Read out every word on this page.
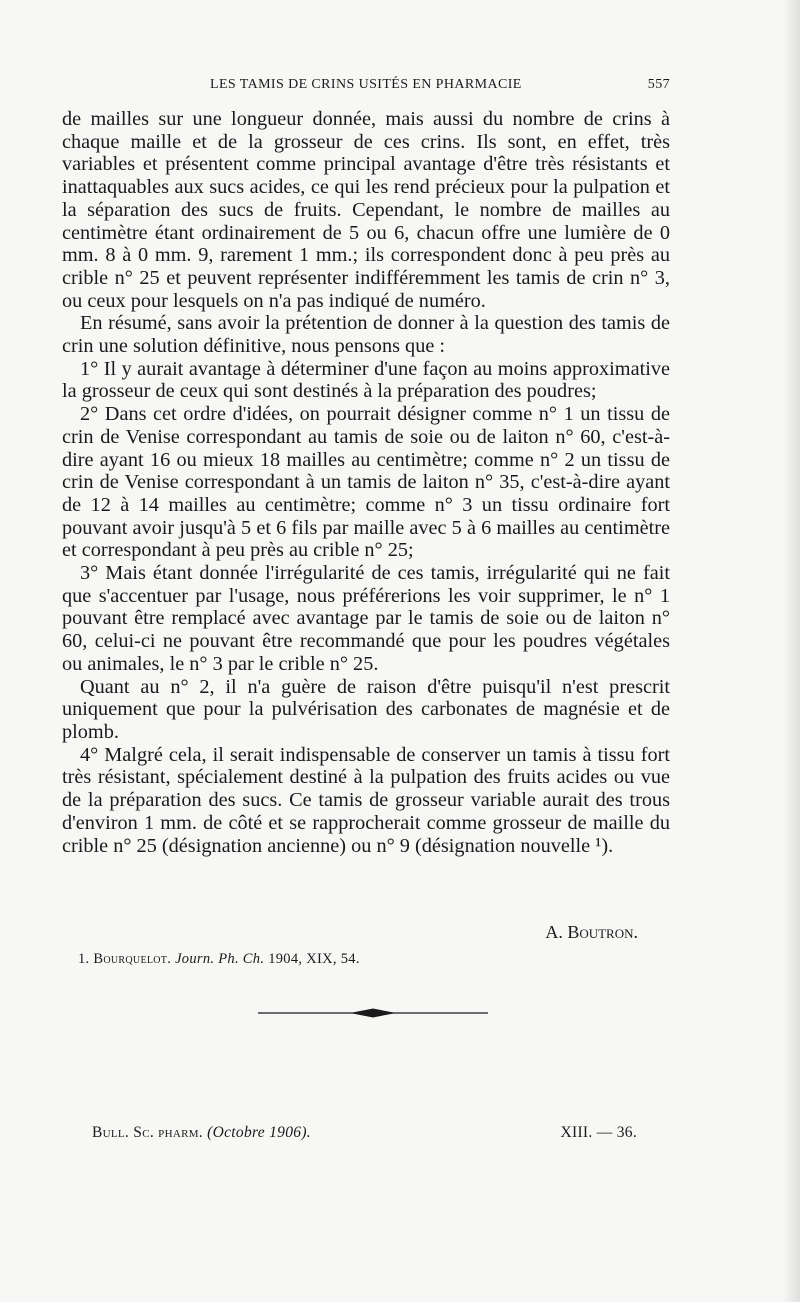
LES TAMIS DE CRINS USITÉS EN PHARMACIE	557

de mailles sur une longueur donnée, mais aussi du nombre de crins à chaque maille et de la grosseur de ces crins. Ils sont, en effet, très variables et présentent comme principal avantage d'être très résistants et inattaquables aux sucs acides, ce qui les rend précieux pour la pulpation et la séparation des sucs de fruits. Cependant, le nombre de mailles au centimètre étant ordinairement de 5 ou 6, chacun offre une lumière de 0 mm. 8 à 0 mm. 9, rarement 1 mm.; ils correspondent donc à peu près au crible n° 25 et peuvent représenter indifféremment les tamis de crin n° 3, ou ceux pour lesquels on n'a pas indiqué de numéro.

En résumé, sans avoir la prétention de donner à la question des tamis de crin une solution définitive, nous pensons que :

1° Il y aurait avantage à déterminer d'une façon au moins approximative la grosseur de ceux qui sont destinés à la préparation des poudres;

2° Dans cet ordre d'idées, on pourrait désigner comme n° 1 un tissu de crin de Venise correspondant au tamis de soie ou de laiton n° 60, c'est-à-dire ayant 16 ou mieux 18 mailles au centimètre; comme n° 2 un tissu de crin de Venise correspondant à un tamis de laiton n° 35, c'est-à-dire ayant de 12 à 14 mailles au centimètre; comme n° 3 un tissu ordinaire fort pouvant avoir jusqu'à 5 et 6 fils par maille avec 5 à 6 mailles au centimètre et correspondant à peu près au crible n° 25;

3° Mais étant donnée l'irrégularité de ces tamis, irrégularité qui ne fait que s'accentuer par l'usage, nous préférerions les voir supprimer, le n° 1 pouvant être remplacé avec avantage par le tamis de soie ou de laiton n° 60, celui-ci ne pouvant être recommandé que pour les poudres végétales ou animales, le n° 3 par le crible n° 25.

Quant au n° 2, il n'a guère de raison d'être puisqu'il n'est prescrit uniquement que pour la pulvérisation des carbonates de magnésie et de plomb.

4° Malgré cela, il serait indispensable de conserver un tamis à tissu fort très résistant, spécialement destiné à la pulpation des fruits acides ou vue de la préparation des sucs. Ce tamis de grosseur variable aurait des trous d'environ 1 mm. de côté et se rapprocherait comme grosseur de maille du crible n° 25 (désignation ancienne) ou n° 9 (désignation nouvelle ¹).

A. Boutron.
1. Bourquelot. Journ. Ph. Ch. 1904, XIX, 54.
Bull. Sc. pharm. (Octobre 1906).	XIII. — 36.
